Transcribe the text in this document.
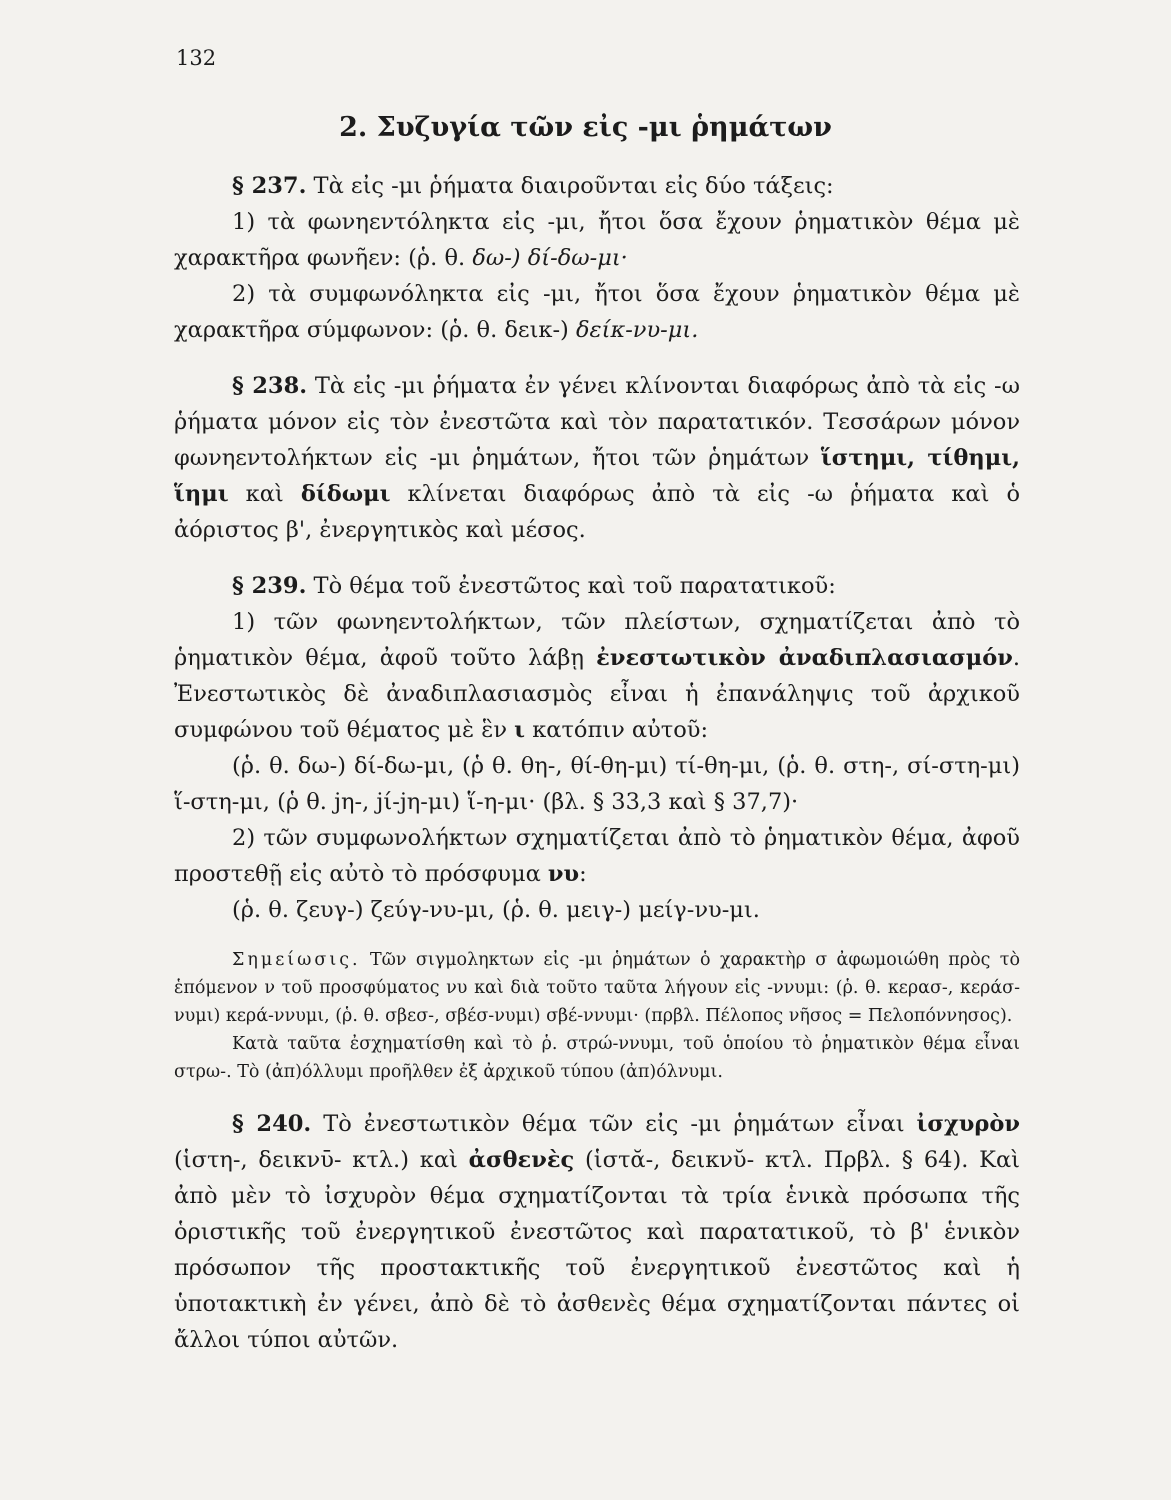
132
2. Συζυγία τῶν εἰς -μι ῥημάτων

§ 237. Τὰ εἰς -μι ῥήματα διαιροῦνται εἰς δύο τάξεις:

1) τὰ φωνηεντόληκτα εἰς -μι, ἤτοι ὅσα ἔχουν ῥηματικὸν θέμα μὲ χαρακτῆρα φωνῆεν: (ῥ. θ. δω-) δί-δω-μι·

2) τὰ συμφωνόληκτα εἰς -μι, ἤτοι ὅσα ἔχουν ῥηματικὸν θέμα μὲ χαρακτῆρα σύμφωνον: (ῥ. θ. δεικ-) δείκ-νυ-μι.

§ 238. Τὰ εἰς -μι ῥήματα ἐν γένει κλίνονται διαφόρως ἀπὸ τὰ εἰς -ω ῥήματα μόνον εἰς τὸν ἐνεστῶτα καὶ τὸν παρατατικόν. Τεσσάρων μόνον φωνηεντολήκτων εἰς -μι ῥημάτων, ἤτοι τῶν ῥημάτων ἵστημι, τίθημι, ἵημι καὶ δίδωμι κλίνεται διαφόρως ἀπὸ τὰ εἰς -ω ῥήματα καὶ ὁ ἀόριστος β', ἐνεργητικὸς καὶ μέσος.

§ 239. Τὸ θέμα τοῦ ἐνεστῶτος καὶ τοῦ παρατατικοῦ:

1) τῶν φωνηεντολήκτων, τῶν πλείστων, σχηματίζεται ἀπὸ τὸ ῥηματικὸν θέμα, ἀφοῦ τοῦτο λάβῃ ἐνεστωτικὸν ἀναδιπλασιασμόν. Ἐνεστωτικὸς δὲ ἀναδιπλασιασμὸς εἶναι ἡ ἐπανάληψις τοῦ ἀρχικοῦ συμφώνου τοῦ θέματος μὲ ἓν ι κατόπιν αὐτοῦ:

(ῥ. θ. δω-) δί-δω-μι, (ῥ θ. θη-, θί-θη-μι) τί-θη-μι, (ῥ. θ. στη-, σί-στη-μι) ἵ-στη-μι, (ῥ θ. jη-, jί-jη-μι) ἵ-η-μι· (βλ. § 33,3 καὶ § 37,7)·

2) τῶν συμφωνολήκτων σχηματίζεται ἀπὸ τὸ ῥηματικὸν θέμα, ἀφοῦ προστεθῇ εἰς αὐτὸ τὸ πρόσφυμα νυ:

(ῥ. θ. ζευγ-) ζεύγ-νυ-μι, (ῥ. θ. μειγ-) μείγ-νυ-μι.

Σημείωσις. Τῶν σιγμοληκτων εἰς -μι ῥημάτων ὁ χαρακτὴρ σ ἀφωμοιώθη πρὸς τὸ ἑπόμενον ν τοῦ προσφύματος νυ καὶ διὰ τοῦτο ταῦτα λήγουν εἰς -ννυμι: (ῥ. θ. κερασ-, κεράσ-νυμι) κερά-ννυμι, (ῥ. θ. σβεσ-, σβέσ-νυμι) σβέ-ννυμι· (πρβλ. Πέλοπος νῆσος = Πελοπόννησος).

Κατὰ ταῦτα ἐσχηματίσθη καὶ τὸ ῥ. στρώ-ννυμι, τοῦ ὁποίου τὸ ῥηματικὸν θέμα εἶναι στρω-. Τὸ (ἀπ)όλλυμι προῆλθεν ἐξ ἀρχικοῦ τύπου (ἀπ)όλνυμι.

§ 240. Τὸ ἐνεστωτικὸν θέμα τῶν εἰς -μι ῥημάτων εἶναι ἰσχυρὸν (ἱστη-, δεικνῡ- κτλ.) καὶ ἀσθενὲς (ἱστᾰ-, δεικνῠ- κτλ. Πρβλ. § 64). Καὶ ἀπὸ μὲν τὸ ἰσχυρὸν θέμα σχηματίζονται τὰ τρία ἑνικὰ πρόσωπα τῆς ὁριστικῆς τοῦ ἐνεργητικοῦ ἐνεστῶτος καὶ παρατατικοῦ, τὸ β' ἑνικὸν πρόσωπον τῆς προστακτικῆς τοῦ ἐνεργητικοῦ ἐνεστῶτος καὶ ἡ ὑποτακτικὴ ἐν γένει, ἀπὸ δὲ τὸ ἀσθενὲς θέμα σχηματίζονται πάντες οἱ ἄλλοι τύποι αὐτῶν.
